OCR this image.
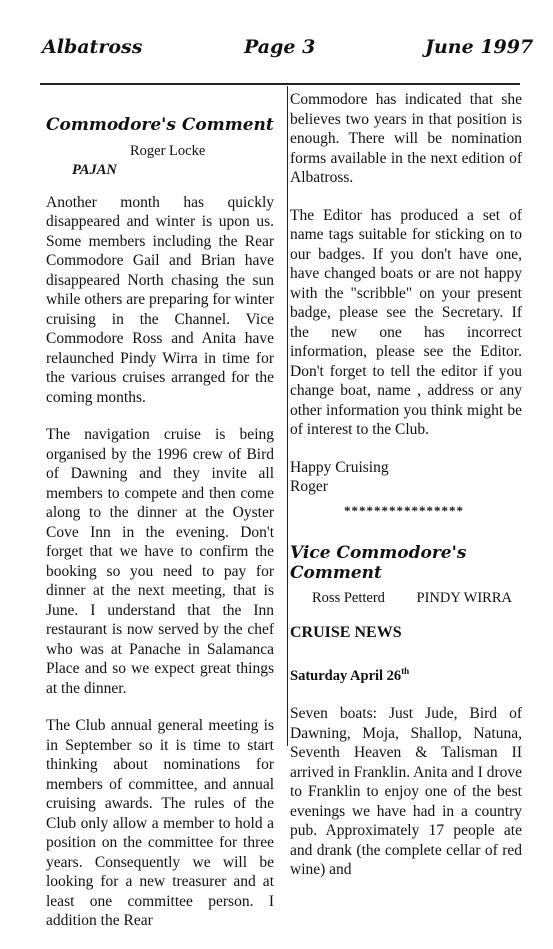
Albatross	Page 3	June 1997
Commodore's Comment
Roger Locke PAJAN

Another month has quickly disappeared and winter is upon us. Some members including the Rear Commodore Gail and Brian have disappeared North chasing the sun while others are preparing for winter cruising in the Channel. Vice Commodore Ross and Anita have relaunched Pindy Wirra in time for the various cruises arranged for the coming months.

The navigation cruise is being organised by the 1996 crew of Bird of Dawning and they invite all members to compete and then come along to the dinner at the Oyster Cove Inn in the evening. Don't forget that we have to confirm the booking so you need to pay for dinner at the next meeting, that is June. I understand that the Inn restaurant is now served by the chef who was at Panache in Salamanca Place and so we expect great things at the dinner.

The Club annual general meeting is in September so it is time to start thinking about nominations for members of committee, and annual cruising awards. The rules of the Club only allow a member to hold a position on the committee for three years. Consequently we will be looking for a new treasurer and at least one committee person. I addition the Rear

Commodore has indicated that she believes two years in that position is enough. There will be nomination forms available in the next edition of Albatross.

The Editor has produced a set of name tags suitable for sticking on to our badges. If you don't have one, have changed boats or are not happy with the "scribble" on your present badge, please see the Secretary. If the new one has incorrect information, please see the Editor. Don't forget to tell the editor if you change boat, name , address or any other information you think might be of interest to the Club.

Happy Cruising

Roger

****************

Vice Commodore's Comment
Ross Petterd PINDY WIRRA
CRUISE NEWS
Saturday April 26th

Seven boats: Just Jude, Bird of Dawning, Moja, Shallop, Natuna, Seventh Heaven & Talisman II arrived in Franklin. Anita and I drove to Franklin to enjoy one of the best evenings we have had in a country pub. Approximately 17 people ate and drank (the complete cellar of red wine) and
